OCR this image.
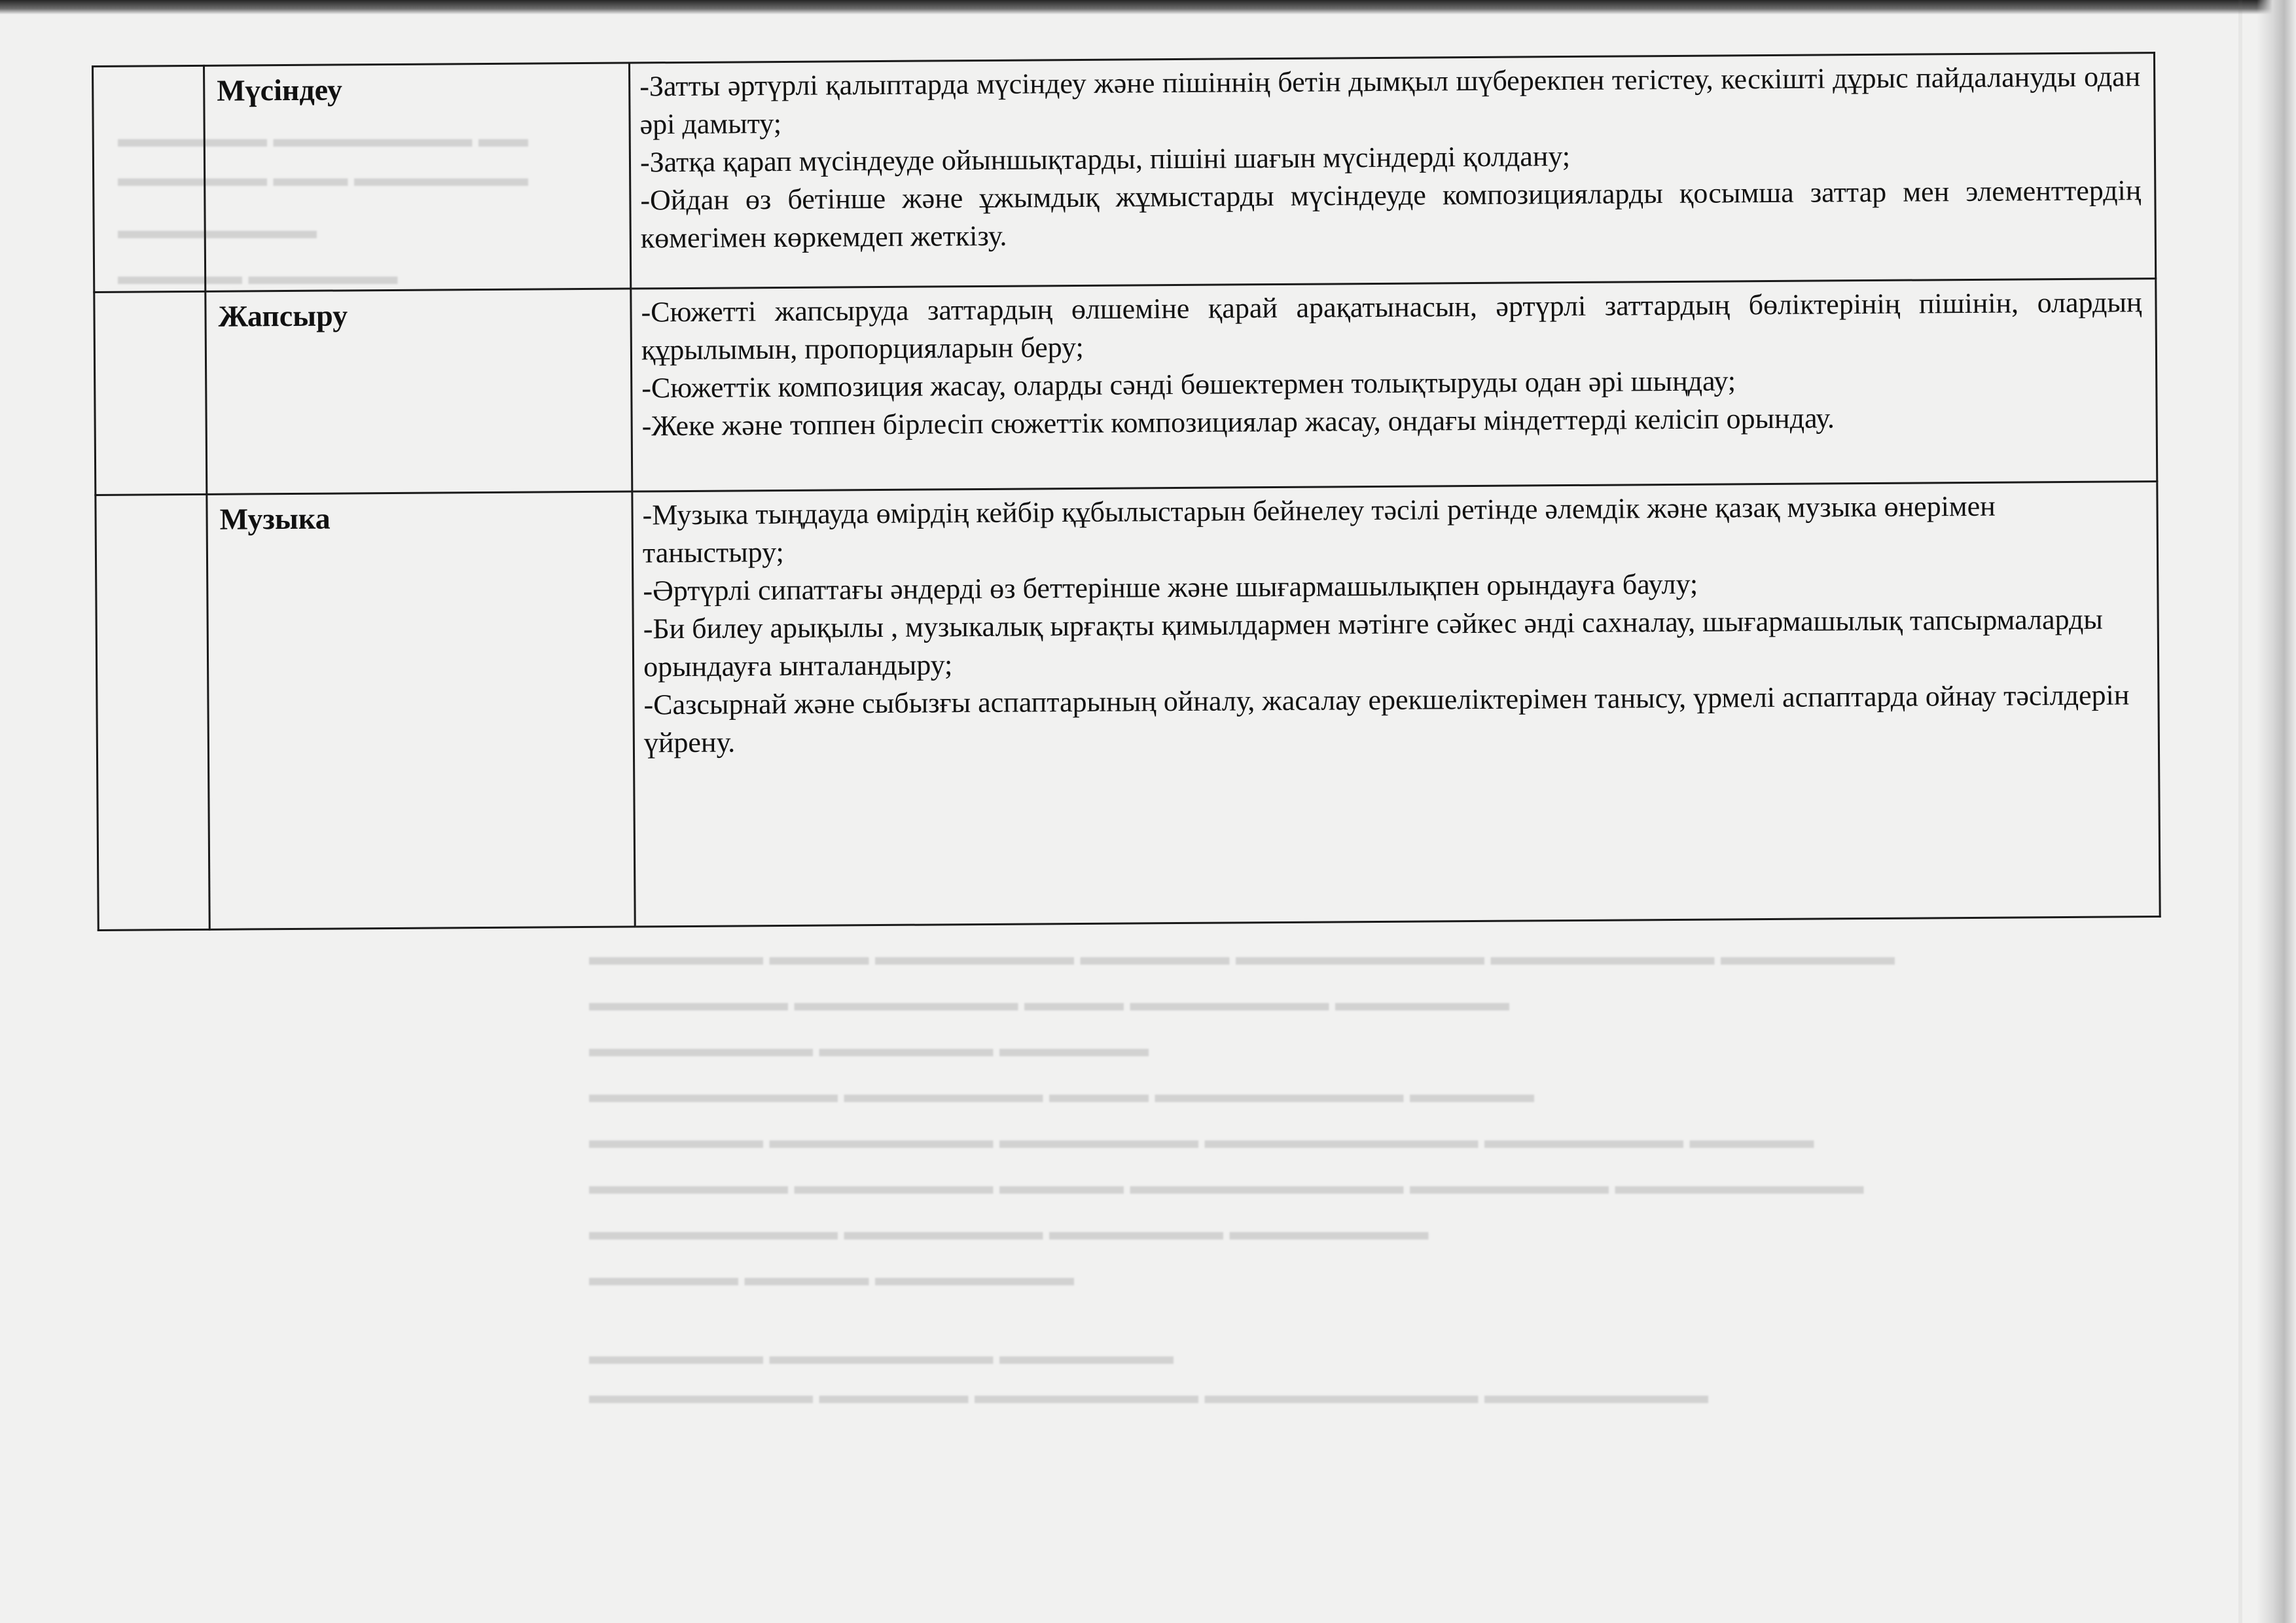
▬▬▬▬▬▬ ▬▬▬▬▬▬▬▬ ▬▬
▬▬▬▬▬▬ ▬▬▬ ▬▬▬▬▬▬▬
▬▬▬▬▬▬▬▬
▬▬▬▬▬ ▬▬▬▬▬▬
▬▬▬▬▬▬▬ ▬▬▬▬ ▬▬▬▬▬▬▬▬ ▬▬▬▬▬▬ ▬▬▬▬▬▬▬▬▬▬ ▬▬▬▬▬▬▬▬▬ ▬▬▬▬▬▬▬
▬▬▬▬▬▬▬▬ ▬▬▬▬▬▬▬▬▬ ▬▬▬▬ ▬▬▬▬▬▬▬▬ ▬▬▬▬▬▬▬
▬▬▬▬▬▬▬▬▬ ▬▬▬▬▬▬▬ ▬▬▬▬▬▬
▬▬▬▬▬▬▬▬▬▬ ▬▬▬▬▬▬▬▬ ▬▬▬▬ ▬▬▬▬▬▬▬▬▬▬ ▬▬▬▬▬
▬▬▬▬▬▬▬ ▬▬▬▬▬▬▬▬▬ ▬▬▬▬▬▬▬▬ ▬▬▬▬▬▬▬▬▬▬▬ ▬▬▬▬▬▬▬▬ ▬▬▬▬▬
▬▬▬▬▬▬▬▬ ▬▬▬▬▬▬▬▬ ▬▬▬▬▬ ▬▬▬▬▬▬▬▬▬▬▬ ▬▬▬▬▬▬▬▬ ▬▬▬▬▬▬▬▬▬▬
▬▬▬▬▬▬▬▬▬▬ ▬▬▬▬▬▬▬▬ ▬▬▬▬▬▬▬ ▬▬▬▬▬▬▬▬
▬▬▬▬▬▬ ▬▬▬▬▬ ▬▬▬▬▬▬▬▬
▬▬▬▬▬▬▬ ▬▬▬▬▬▬▬▬▬ ▬▬▬▬▬▬▬
▬▬▬▬▬▬▬▬▬ ▬▬▬▬▬▬ ▬▬▬▬▬▬▬▬▬ ▬▬▬▬▬▬▬▬▬▬▬ ▬▬▬▬▬▬▬▬▬
	Мүсіндеу	-Затты әртүрлі қалыптарда мүсіндеу және пішіннің бетін дымқыл шүберекпен тегістеу, кескішті дұрыс пайдалануды одан әрі дамыту;
-Затқа қарап мүсіндеуде ойыншықтарды, пішіні шағын мүсіндерді қолдану;
-Ойдан өз бетінше және ұжымдық жұмыстарды мүсіндеуде композицияларды қосымша заттар мен элементтердің көмегімен көркемдеп жеткізу.

	Жапсыру	-Сюжетті жапсыруда заттардың өлшеміне қарай арақатынасын, әртүрлі заттардың бөліктерінің пішінін, олардың құрылымын, пропорцияларын беру;
-Сюжеттік композиция жасау, оларды сәнді бөшектермен толықтыруды одан әрі шыңдау;
-Жеке және топпен бірлесіп сюжеттік композициялар жасау, ондағы міндеттерді келісіп орындау.

	Музыка	-Музыка тыңдауда өмірдің кейбір құбылыстарын бейнелеу тәсілі ретінде әлемдік және қазақ музыка өнерімен таныстыру;
-Әртүрлі сипаттағы әндерді өз беттерінше және шығармашылықпен орындауға баулу;
-Би билеу арықылы , музыкалық ырғақты қимылдармен мәтінге сәйкес әнді сахналау, шығармашылық тапсырмаларды орындауға ынталандыру;
-Сазсырнай және сыбызғы аспаптарының ойналу, жасалау ерекшеліктерімен танысу, үрмелі аспаптарда ойнау тәсілдерін үйрену.
